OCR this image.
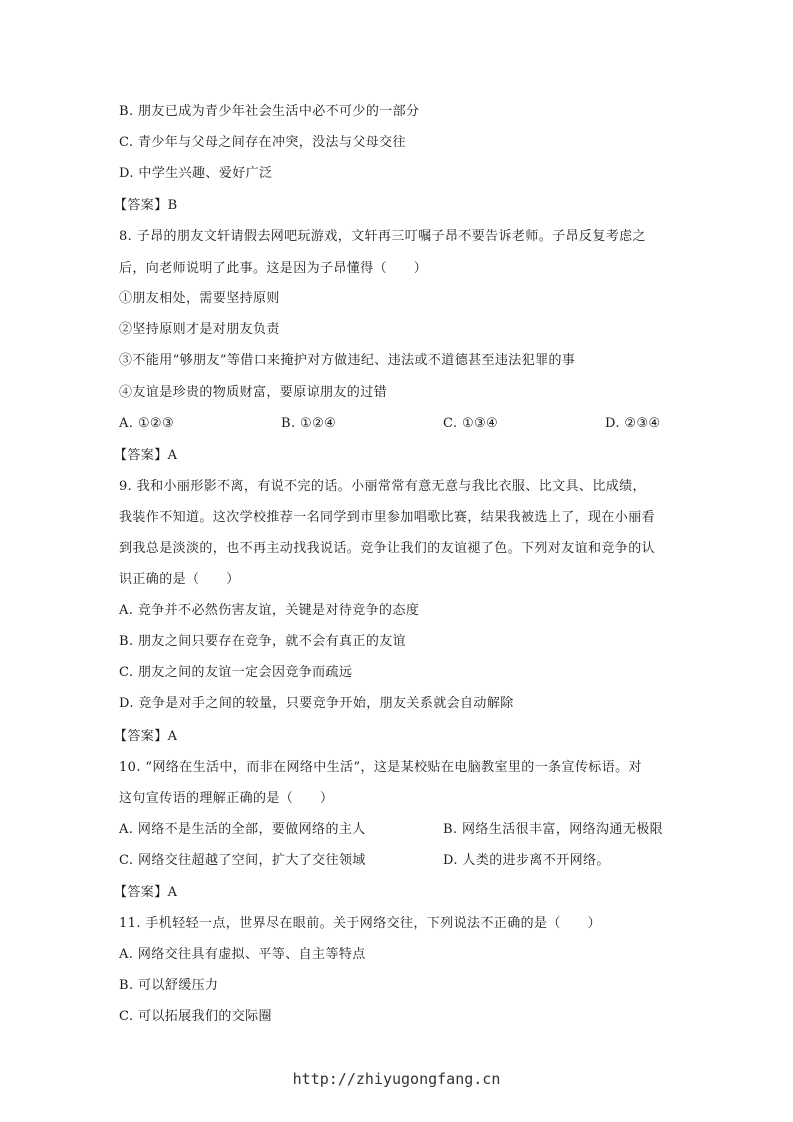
B. 朋友已成为青少年社会生活中必不可少的一部分
C. 青少年与父母之间存在冲突，没法与父母交往
D. 中学生兴趣、爱好广泛
【答案】B
8. 子昂的朋友文轩请假去网吧玩游戏，文轩再三叮嘱子昂不要告诉老师。子昂反复考虑之
后，向老师说明了此事。这是因为子昂懂得（　　）
①朋友相处，需要坚持原则
②坚持原则才是对朋友负责
③不能用“够朋友”等借口来掩护对方做违纪、违法或不道德甚至违法犯罪的事
④友谊是珍贵的物质财富，要原谅朋友的过错
A. ①②③	B. ①②④	C. ①③④	D. ②③④
【答案】A
9. 我和小丽形影不离，有说不完的话。小丽常常有意无意与我比衣服、比文具、比成绩，
我装作不知道。这次学校推荐一名同学到市里参加唱歌比赛，结果我被选上了，现在小丽看
到我总是淡淡的，也不再主动找我说话。竞争让我们的友谊褪了色。下列对友谊和竞争的认
识正确的是（　　）
A. 竞争并不必然伤害友谊，关键是对待竞争的态度
B. 朋友之间只要存在竞争，就不会有真正的友谊
C. 朋友之间的友谊一定会因竞争而疏远
D. 竞争是对手之间的较量，只要竞争开始，朋友关系就会自动解除
【答案】A
10. “网络在生活中，而非在网络中生活”，这是某校贴在电脑教室里的一条宣传标语。对
这句宣传语的理解正确的是（　　）
A. 网络不是生活的全部，要做网络的主人	B. 网络生活很丰富，网络沟通无极限
C. 网络交往超越了空间，扩大了交往领域	D. 人类的进步离不开网络。
【答案】A
11. 手机轻轻一点，世界尽在眼前。关于网络交往，下列说法不正确的是（　　）
A. 网络交往具有虚拟、平等、自主等特点
B. 可以舒缓压力
C. 可以拓展我们的交际圈
http://zhiyugongfang.cn
